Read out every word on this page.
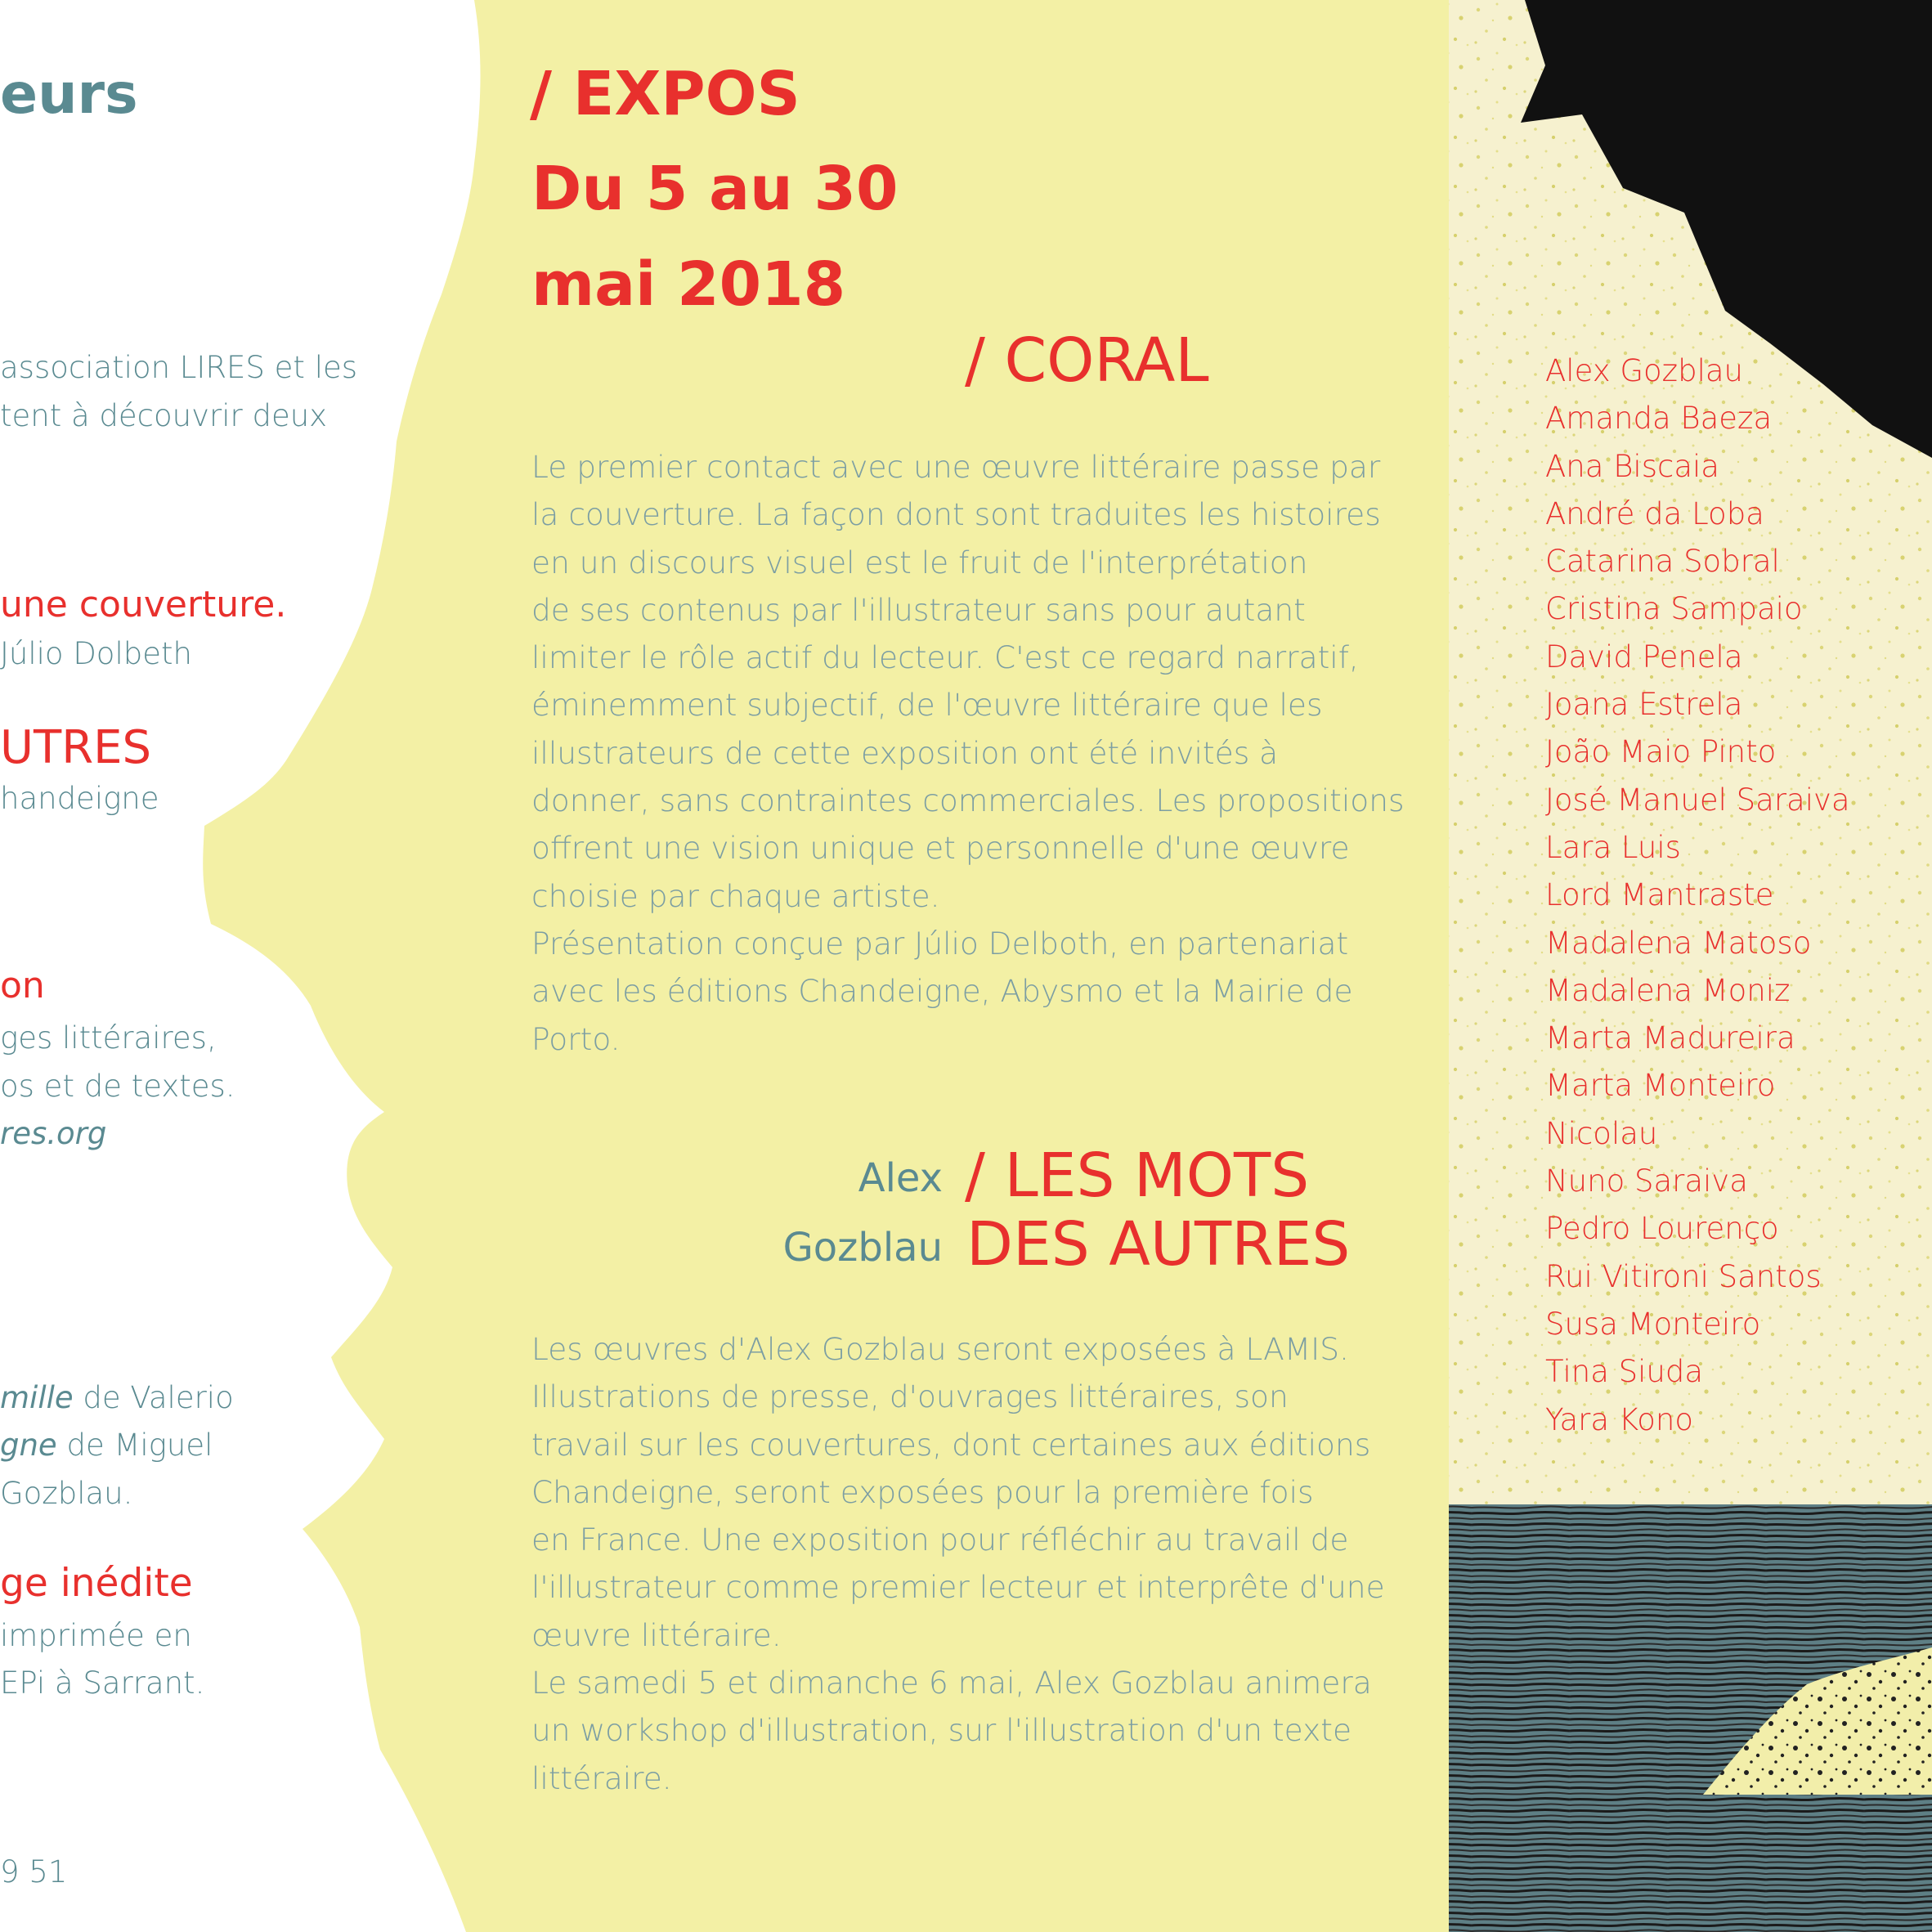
eurs
association LIRES et les
tent à découvrir deux
une couverture.
Júlio Dolbeth
UTRES
handeigne
on
ges littéraires,
os et de textes.
res.org
mille de Valerio
gne de Miguel
Gozblau.
ge inédite
imprimée en
EPi à Sarrant.
9 51
/ EXPOS
Du 5 au 30
mai 2018
/ CORAL
Le premier contact avec une œuvre littéraire passe par
la couverture. La façon dont sont traduites les histoires
en un discours visuel est le fruit de l'interprétation
de ses contenus par l'illustrateur sans pour autant
limiter le rôle actif du lecteur. C'est ce regard narratif,
éminemment subjectif, de l'œuvre littéraire que les
illustrateurs de cette exposition ont été invités à
donner, sans contraintes commerciales. Les propositions
offrent une vision unique et personnelle d'une œuvre
choisie par chaque artiste.
Présentation conçue par Júlio Delboth, en partenariat
avec les éditions Chandeigne, Abysmo et la Mairie de
Porto.
Alex
Gozblau
/ LES MOTS
DES AUTRES
Les œuvres d'Alex Gozblau seront exposées à LAMIS.
Illustrations de presse, d'ouvrages littéraires, son
travail sur les couvertures, dont certaines aux éditions
Chandeigne, seront exposées pour la première fois
en France. Une exposition pour réfléchir au travail de
l'illustrateur comme premier lecteur et interprête d'une
œuvre littéraire.
Le samedi 5 et dimanche 6 mai, Alex Gozblau animera
un workshop d'illustration, sur l'illustration d'un texte
littéraire.
Alex Gozblau
Amanda Baeza
Ana Biscaia
André da Loba
Catarina Sobral
Cristina Sampaio
David Penela
Joana Estrela
João Maio Pinto
José Manuel Saraiva
Lara Luis
Lord Mantraste
Madalena Matoso
Madalena Moniz
Marta Madureira
Marta Monteiro
Nicolau
Nuno Saraiva
Pedro Lourenço
Rui Vitironi Santos
Susa Monteiro
Tina Siuda
Yara Kono
